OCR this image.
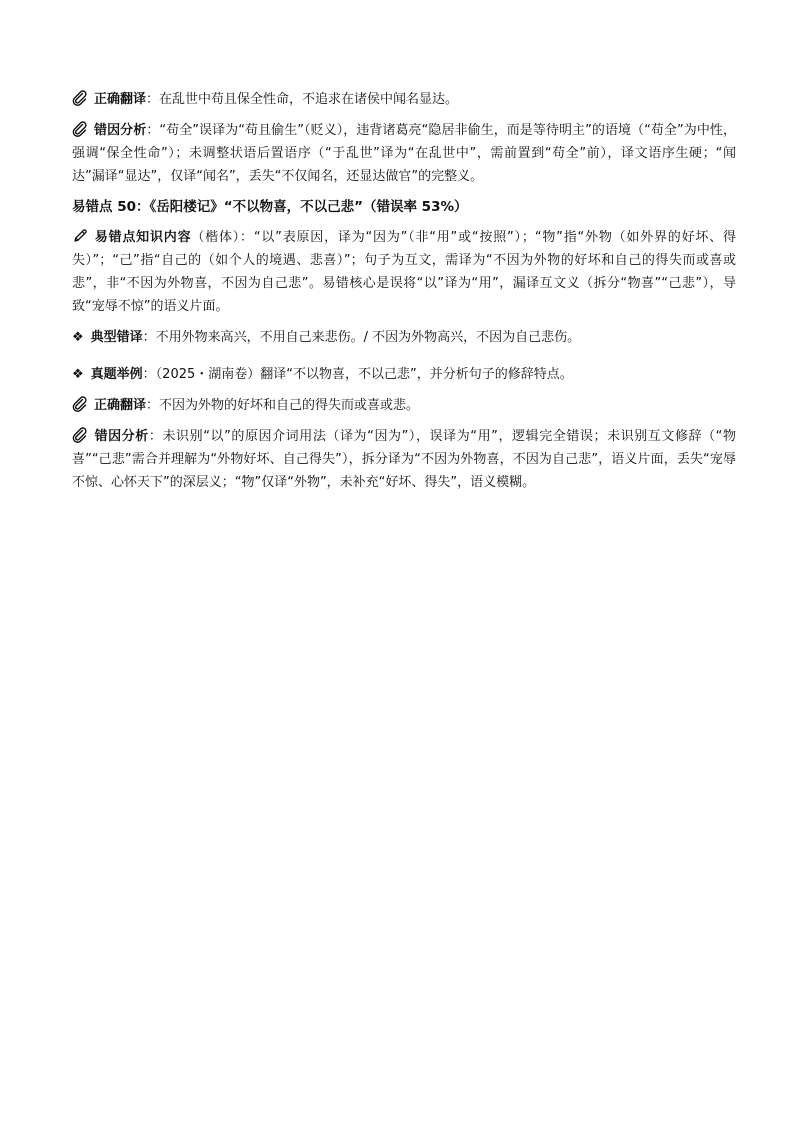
正确翻译：在乱世中苟且保全性命，不追求在诸侯中闻名显达。

错因分析：“苟全”误译为“苟且偷生”（贬义），违背诸葛亮“隐居非偷生，而是等待明主”的语境（“苟全”为中性，强调“保全性命”）；未调整状语后置语序（“于乱世”译为“在乱世中”，需前置到“苟全”前），译文语序生硬；“闻达”漏译“显达”，仅译“闻名”，丢失“不仅闻名，还显达做官”的完整义。

易错点 50：《岳阳楼记》“不以物喜，不以己悲”（错误率 53%）

易错点知识内容（楷体）：“以”表原因，译为“因为”（非“用”或“按照”）；“物”指“外物（如外界的好坏、得失）”；“己”指“自己的（如个人的境遇、悲喜）”；句子为互文，需译为“不因为外物的好坏和自己的得失而或喜或悲”，非“不因为外物喜，不因为自己悲”。易错核心是误将“以”译为“用”，漏译互文义（拆分“物喜”“己悲”），导致“宠辱不惊”的语义片面。

❖ 典型错译：不用外物来高兴，不用自己来悲伤。/ 不因为外物高兴，不因为自己悲伤。

❖ 真题举例：（2025・湖南卷）翻译“不以物喜，不以己悲”，并分析句子的修辞特点。

正确翻译：不因为外物的好坏和自己的得失而或喜或悲。

错因分析：未识别“以”的原因介词用法（译为“因为”），误译为“用”，逻辑完全错误；未识别互文修辞（“物喜”“己悲”需合并理解为“外物好坏、自己得失”），拆分译为“不因为外物喜，不因为自己悲”，语义片面，丢失“宠辱不惊、心怀天下”的深层义；“物”仅译“外物”，未补充“好坏、得失”，语义模糊。
